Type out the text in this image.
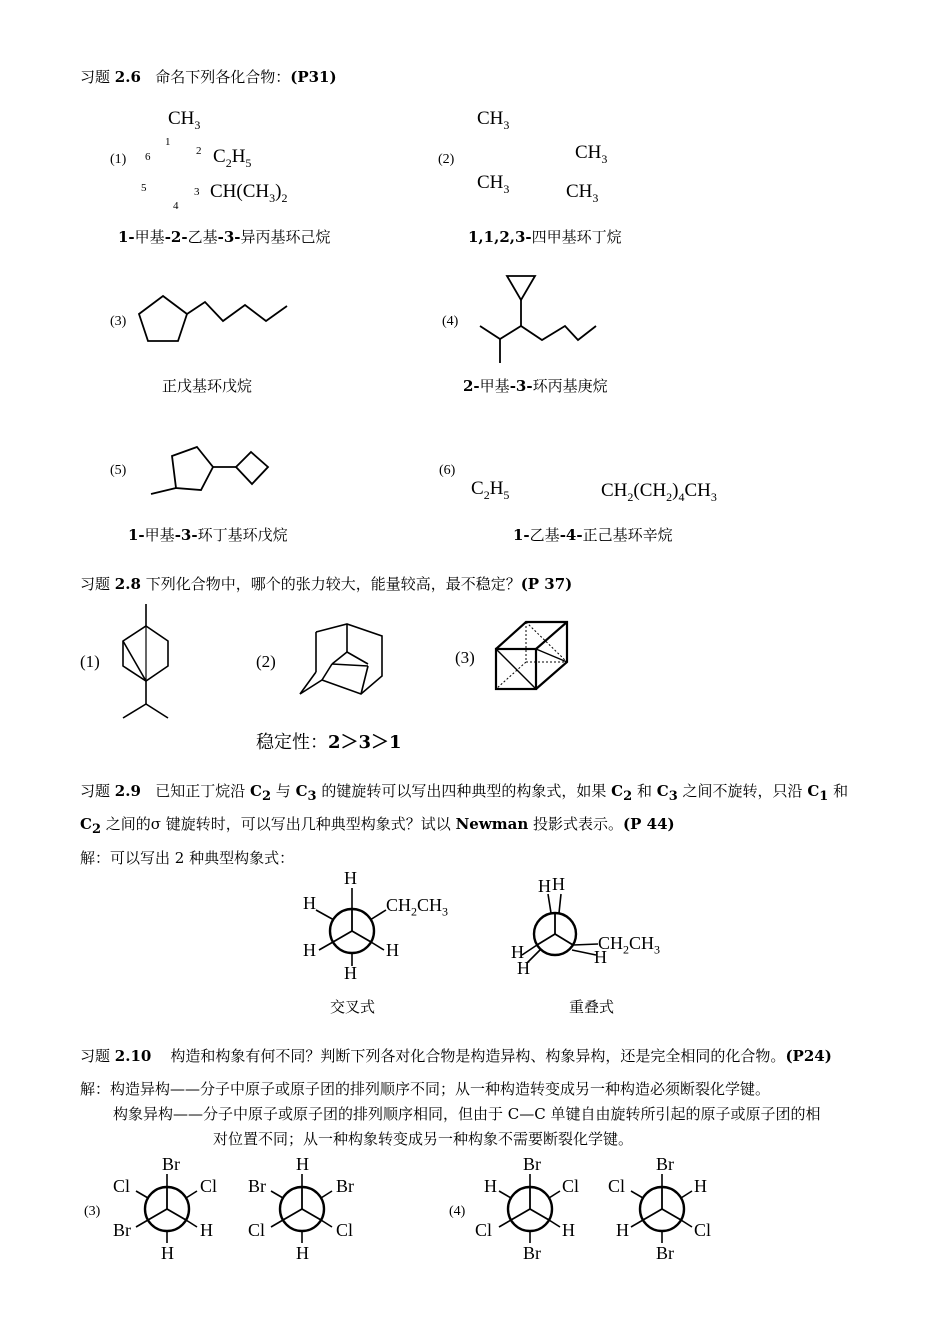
习题 2.6 命名下列各化合物：(P31)
(1)
$CH_3$
$C_2H_5$
$CH(CH_3)_2$
1
2
3
4
5
6
1-甲基-2-乙基-3-异丙基环己烷
(2)
$CH_3$
$CH_3$
$CH_3$	$CH_3$
1,1,2,3-四甲基环丁烷
(3)
正戊基环戊烷
(4)
2-甲基-3-环丙基庚烷
(5)
1-甲基-3-环丁基环戊烷
(6)
$C_2H_5$	$CH_2(CH_2)_4CH_3$
1-乙基-4-正己基环辛烷
习题 2.8 下列化合物中，哪个的张力较大，能量较高，最不稳定？(P 37)
(1)	(2)	(3)
稳定性：2＞3＞1
习题 2.9 已知正丁烷沿 $C_2$ 与 $C_3$ 的键旋转可以写出四种典型的构象式，如果 $C_2$ 和 $C_3$ 之间不旋转，只沿 $C_1$ 和
$C_2$ 之间的σ 键旋转时，可以写出几种典型构象式？试以 Newman 投影式表示。(P 44)
解：可以写出 2 种典型构象式：
H
H	$CH_2CH_3$
H	H
H
交叉式
H H
H
H
$CH_2CH_3$
H
重叠式
习题 2.10 构造和构象有何不同？判断下列各对化合物是构造异构、构象异构，还是完全相同的化合物。(P24)
解：构造异构——分子中原子或原子团的排列顺序不同；从一种构造转变成另一种构造必须断裂化学键。
构象异构——分子中原子或原子团的排列顺序相同，但由于 C—C 单键自由旋转所引起的原子或原子团的相
对位置不同；从一种构象转变成另一种构象不需要断裂化学键。
(3)	(4)
Br
Cl	Cl
Br	H
H
H
Br	Br
Cl	Cl
H
Br
H	Cl
Cl	H
Br
Br
Cl	H
H	Cl
Br
